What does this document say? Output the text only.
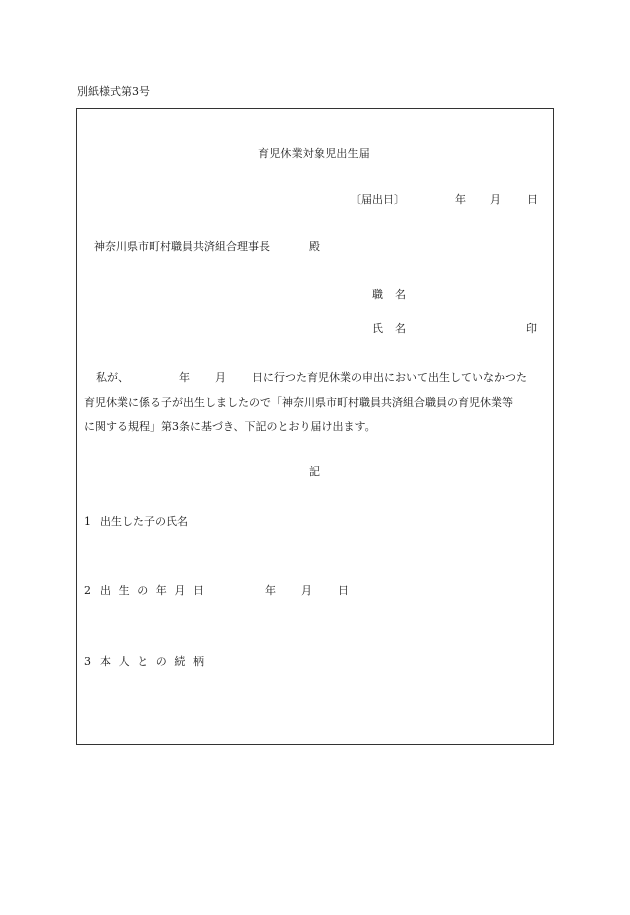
別紙様式第3号
育児休業対象児出生届
〔届出日〕	年 月 日
神奈川県市町村職員共済組合理事長	殿
職名
氏名	印
私が、	年 月 日に行つた育児休業の申出において出生していなかつた
育児休業に係る子が出生しましたので「神奈川県市町村職員共済組合職員の育児休業等
に関する規程」第3条に基づき、下記のとおり届け出ます。
記
1 出生した子の氏名
2 出生の年月日	年 月 日
3 本人との続柄
